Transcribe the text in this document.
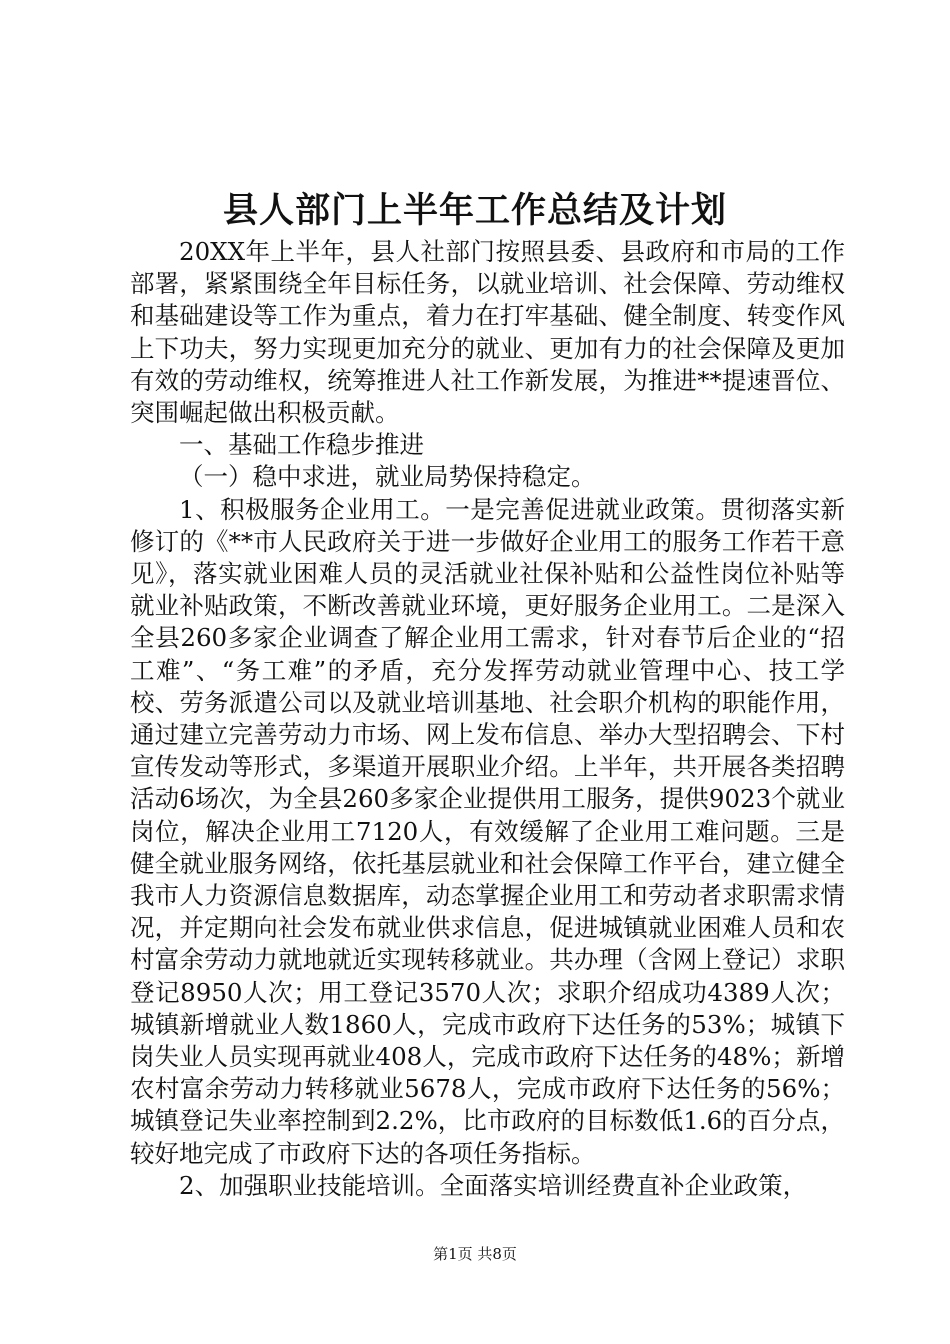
县人部门上半年工作总结及计划

20XX年上半年，县人社部门按照县委、县政府和市局的工作部署，紧紧围绕全年目标任务，以就业培训、社会保障、劳动维权和基础建设等工作为重点，着力在打牢基础、健全制度、转变作风上下功夫，努力实现更加充分的就业、更加有力的社会保障及更加有效的劳动维权，统筹推进人社工作新发展，为推进**提速晋位、突围崛起做出积极贡献。

一、基础工作稳步推进

（一）稳中求进，就业局势保持稳定。

1、积极服务企业用工。一是完善促进就业政策。贯彻落实新修订的《**市人民政府关于进一步做好企业用工的服务工作若干意见》，落实就业困难人员的灵活就业社保补贴和公益性岗位补贴等就业补贴政策，不断改善就业环境，更好服务企业用工。二是深入全县260多家企业调查了解企业用工需求，针对春节后企业的“招工难”、“务工难”的矛盾，充分发挥劳动就业管理中心、技工学校、劳务派遣公司以及就业培训基地、社会职介机构的职能作用，通过建立完善劳动力市场、网上发布信息、举办大型招聘会、下村宣传发动等形式，多渠道开展职业介绍。上半年，共开展各类招聘活动6场次，为全县260多家企业提供用工服务，提供9023个就业岗位，解决企业用工7120人，有效缓解了企业用工难问题。三是健全就业服务网络，依托基层就业和社会保障工作平台，建立健全我市人力资源信息数据库，动态掌握企业用工和劳动者求职需求情况，并定期向社会发布就业供求信息，促进城镇就业困难人员和农村富余劳动力就地就近实现转移就业。共办理（含网上登记）求职登记8950人次；用工登记3570人次；求职介绍成功4389人次；城镇新增就业人数1860人，完成市政府下达任务的53%；城镇下岗失业人员实现再就业408人，完成市政府下达任务的48%；新增农村富余劳动力转移就业5678人，完成市政府下达任务的56%；城镇登记失业率控制到2.2%，比市政府的目标数低1.6的百分点，较好地完成了市政府下达的各项任务指标。

2、加强职业技能培训。全面落实培训经费直补企业政策，

第1页 共8页
